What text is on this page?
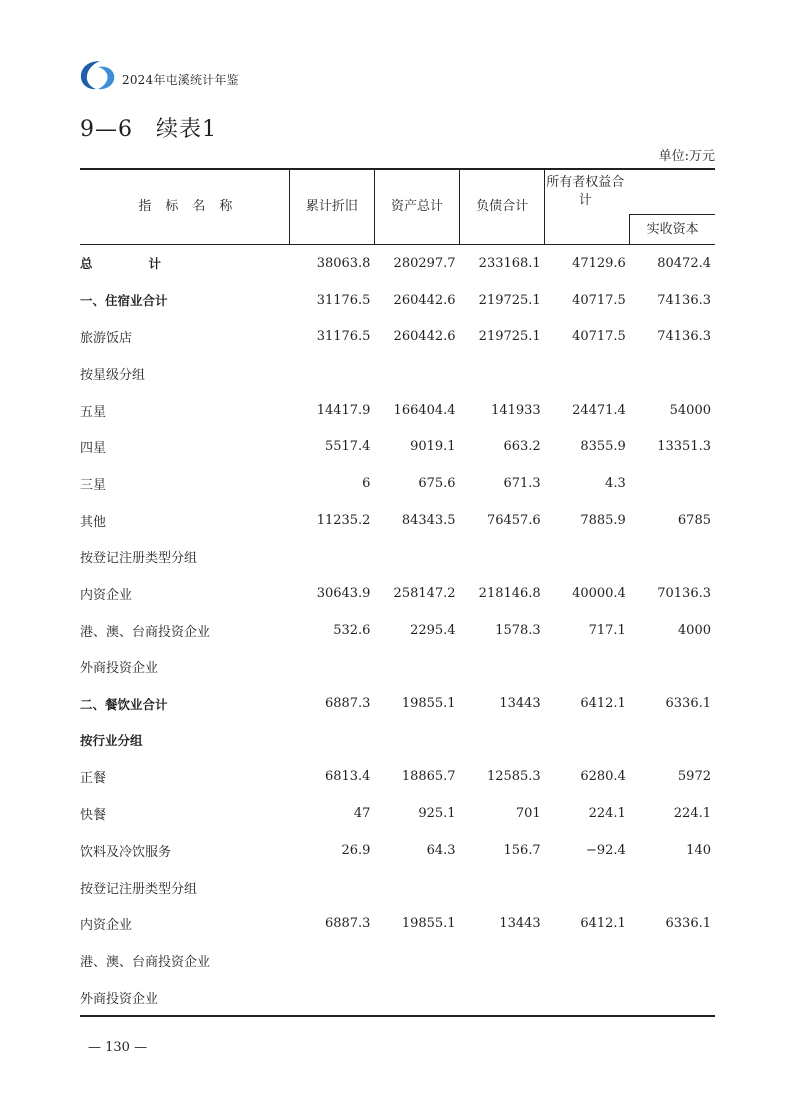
2024年屯溪统计年鉴
9—6　续表1
单位:万元
指标名称	累计折旧	资产总计	负债合计	所有者权益合计	

					实收资本
总 计	38063.8	280297.7	233168.1	47129.6	80472.4
一、住宿业合计	31176.5	260442.6	219725.1	40717.5	74136.3
旅游饭店	31176.5	260442.6	219725.1	40717.5	74136.3
按星级分组					
五星	14417.9	166404.4	141933	24471.4	54000
四星	5517.4	9019.1	663.2	8355.9	13351.3
三星	6	675.6	671.3	4.3	
其他	11235.2	84343.5	76457.6	7885.9	6785
按登记注册类型分组					
内资企业	30643.9	258147.2	218146.8	40000.4	70136.3
港、澳、台商投资企业	532.6	2295.4	1578.3	717.1	4000
外商投资企业					
二、餐饮业合计	6887.3	19855.1	13443	6412.1	6336.1
按行业分组					
正餐	6813.4	18865.7	12585.3	6280.4	5972
快餐	47	925.1	701	224.1	224.1
饮料及冷饮服务	26.9	64.3	156.7	−92.4	140
按登记注册类型分组					
内资企业	6887.3	19855.1	13443	6412.1	6336.1
港、澳、台商投资企业					
外商投资企业					
— 130 —
